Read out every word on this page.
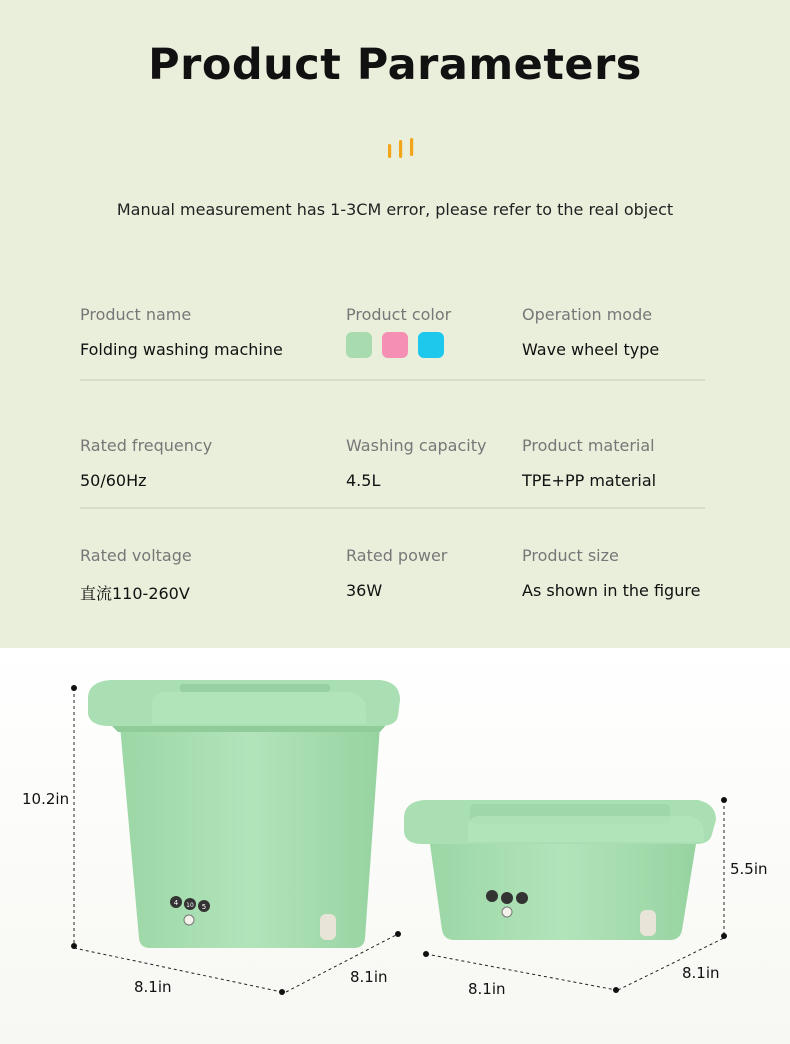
Product Parameters
Manual measurement has 1-3CM error, please refer to the real object
Product name
Folding washing machine
Product color	Operation mode
Wave wheel type
Rated frequency
50/60Hz
Washing capacity
4.5L
Product material
TPE+PP material
Rated voltage
直流110-260V
Rated power
36W
Product size
As shown in the figure
4 10 5
10.2in
8.1in
8.1in
5.5in
8.1in
8.1in
